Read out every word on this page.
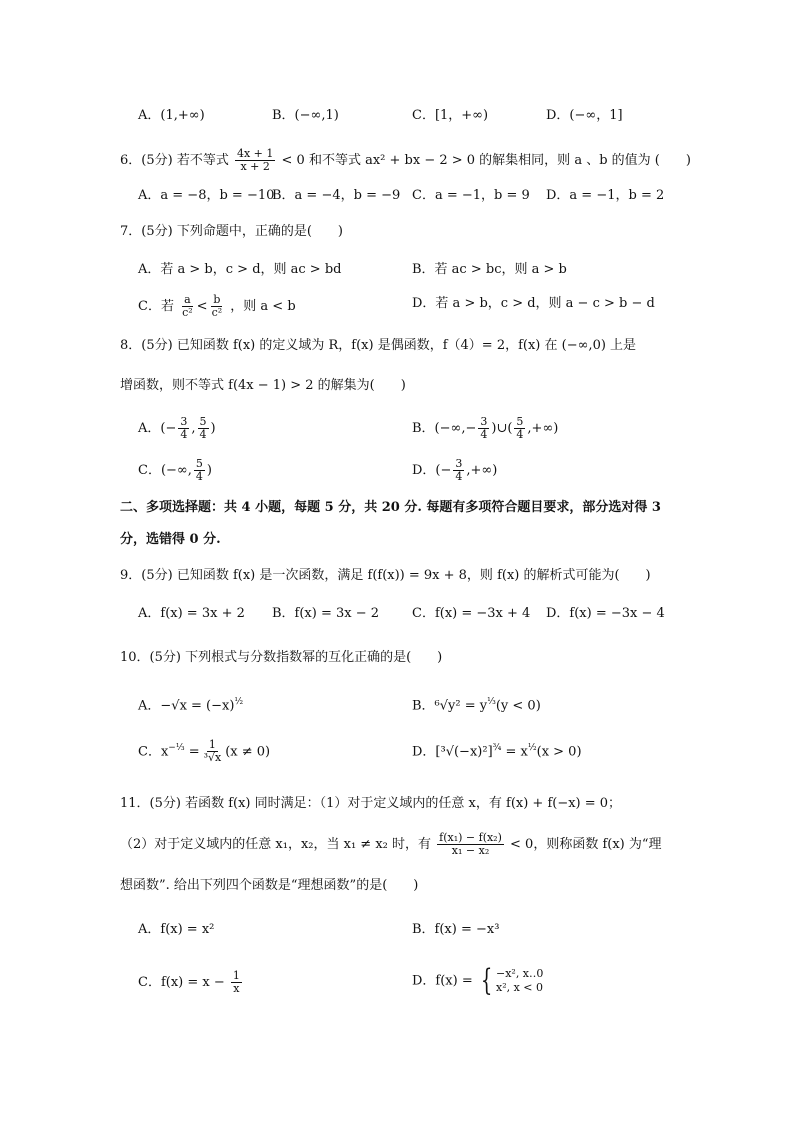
A．(1,+∞)	B．(−∞,1)	C．[1，+∞)	D．(−∞，1]
6．(5分) 若不等式 $\frac{4x + 1}{x + 2} < 0$ 和不等式 ax² + bx − 2 > 0 的解集相同，则 a 、b 的值为 (　　)
A．a = −8，b = −10
B．a = −4，b = −9 C．a = −1，b = 9 D．a = −1，b = 2
7．(5分) 下列命题中，正确的是(　　)
A．若 a > b，c > d，则 ac > bd	B．若 ac > bc，则 a > b
C．若 $\frac{a}{\text{c²}} < \frac{b}{\text{c²}}$ ，则 a < b	D．若 a > b，c > d，则 a − c > b − d
8．(5分) 已知函数 f(x) 的定义域为 R，f(x) 是偶函数，f（4）= 2，f(x) 在 (−∞,0) 上是
增函数，则不等式 f(4x − 1) > 2 的解集为(　　)
A．(− $\frac{3}{4}$ , $\frac{5}{4}$ )	B．(−∞,− $\frac{3}{4}$ )∪( $\frac{5}{4}$ ,+∞)
C．(−∞, $\frac{5}{4}$ )	D．(− $\frac{3}{4}$ ,+∞)
二、多项选择题：共 4 小题，每题 5 分，共 20 分. 每题有多项符合题目要求，部分选对得 3
分，选错得 0 分.
9．(5分) 已知函数 f(x) 是一次函数，满足 f(f(x)) = 9x + 8，则 f(x) 的解析式可能为(　　)
A．f(x) = 3x + 2 B．f(x) = 3x − 2	C．f(x) = −3x + 4 D．f(x) = −3x − 4
10．(5分) 下列根式与分数指数幂的互化正确的是(　　)
A．$-√x = (-x)^{\frac{1}{2}}$	B．$^6√y^2 = y^{\frac{1}{3}}(y < 0)$
C．$x^{-\frac{1}{3}} = \frac{1}{\text{³√x}} (x \ne 0)$	D．$[^3√(-x)^2]^{\frac{3}{4}} = x^{\frac{1}{2}}(x > 0)$
11．(5分) 若函数 f(x) 同时满足：（1）对于定义域内的任意 x，有 f(x) + f(−x) = 0；
（2）对于定义域内的任意 x₁，x₂，当 x₁ ≠ x₂ 时，有 $\frac{\text{f(x₁) − f(x₂)}}{\text{x₁ − x₂}} < 0$，则称函数 f(x) 为“理
想函数”. 给出下列四个函数是“理想函数”的是(　　)
A．f(x) = x²	B．f(x) = −x³
C．$f(x) = x - \frac{1}{x}$	D．f(x) = { −x², x‥0
x², x < 0
